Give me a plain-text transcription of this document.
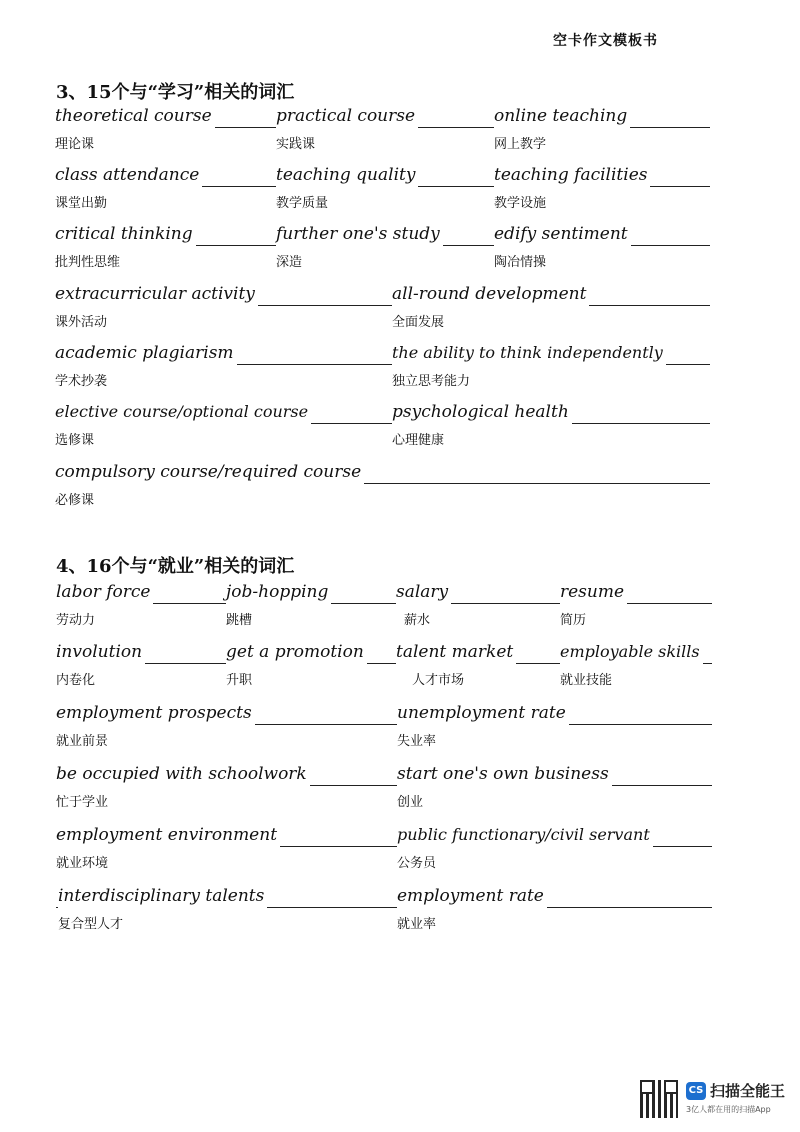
空卡作文模板书
3、15个与“学习”相关的词汇
theoretical course
理论课
practical course
实践课
online teaching
网上教学
class attendance
课堂出勤
teaching quality
教学质量
teaching facilities
教学设施
critical thinking
批判性思维
further one's study
深造
edify sentiment
陶冶情操
extracurricular activity
课外活动
all-round development
全面发展
academic plagiarism
学术抄袭
the ability to think independently
独立思考能力
elective course/optional course
选修课
psychological health
心理健康
compulsory course/required course
必修课
4、16个与“就业”相关的词汇
labor force
劳动力
job-hopping
跳槽
salary
薪水
resume
简历
involution
内卷化
get a promotion
升职
talent market
人才市场
employable skills
就业技能
employment prospects
就业前景
unemployment rate
失业率
be occupied with schoolwork
忙于学业
start one's own business
创业
employment environment
就业环境
public functionary/civil servant
公务员
interdisciplinary talents
复合型人才
employment rate
就业率
CS 扫描全能王
3亿人都在用的扫描App
